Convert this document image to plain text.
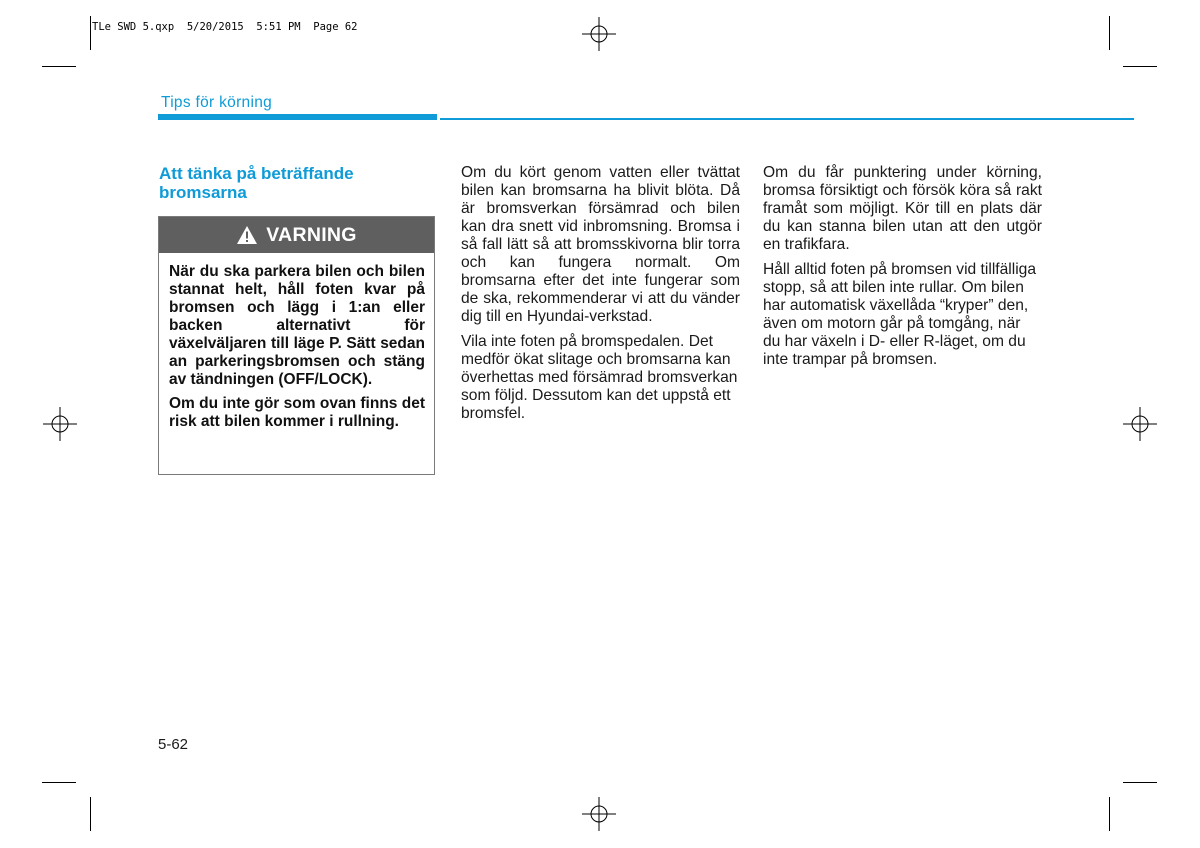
TLe SWD 5.qxp  5/20/2015  5:51 PM  Page 62
Tips för körning
Att tänka på beträffande bromsarna
VARNING

När du ska parkera bilen och bilen stannat helt, håll foten kvar på bromsen och lägg i 1:an eller backen alternativt för växelväljaren till läge P. Sätt sedan an parkeringsbromsen och stäng av tändningen (OFF/LOCK).

Om du inte gör som ovan finns det risk att bilen kommer i rullning.

Om du kört genom vatten eller tvättat bilen kan bromsarna ha blivit blöta. Då är bromsverkan försämrad och bilen kan dra snett vid inbromsning. Bromsa i så fall lätt så att bromsskivorna blir torra och kan fungera normalt. Om bromsarna efter det inte fungerar som de ska, rekommenderar vi att du vänder dig till en Hyundai-verkstad.

Vila inte foten på bromspedalen. Det medför ökat slitage och bromsarna kan överhettas med försämrad bromsverkan som följd. Dessutom kan det uppstå ett bromsfel.

Om du får punktering under körning, bromsa försiktigt och försök köra så rakt framåt som möjligt. Kör till en plats där du kan stanna bilen utan att den utgör en trafikfara.

Håll alltid foten på bromsen vid tillfälliga stopp, så att bilen inte rullar. Om bilen har automatisk växellåda “kryper” den, även om motorn går på tomgång, när du har växeln i D- eller R-läget, om du inte trampar på bromsen.

5-62
